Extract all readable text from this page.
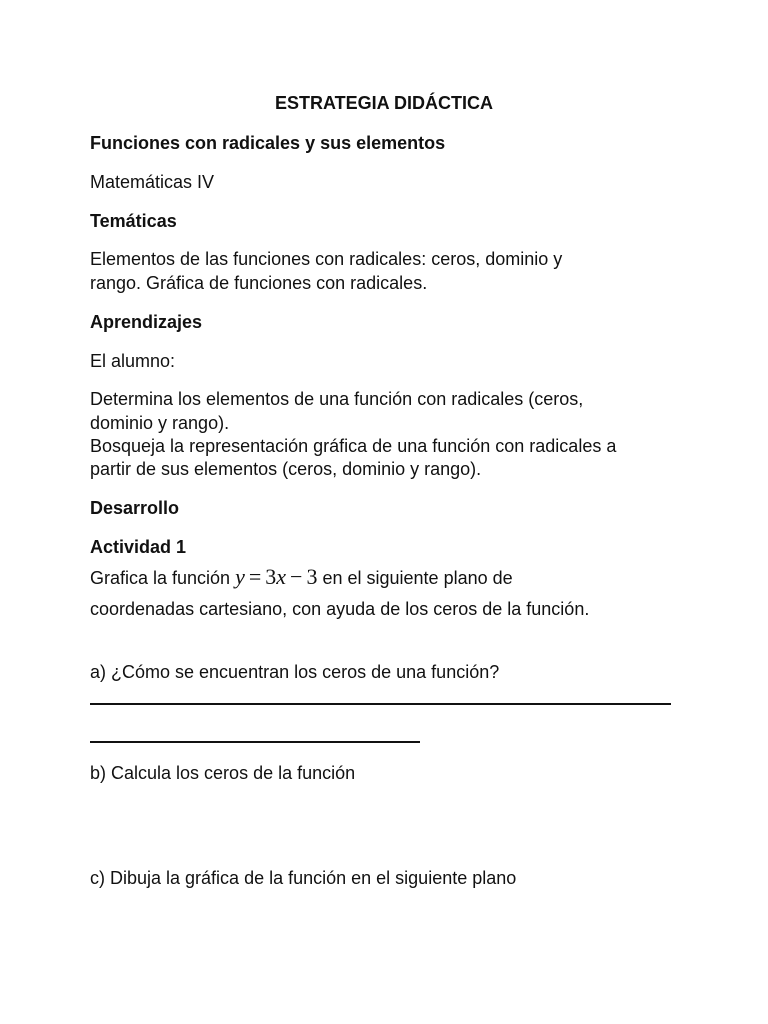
ESTRATEGIA DIDÁCTICA
Funciones con radicales y sus elementos
Matemáticas IV
Temáticas
Elementos de las funciones con radicales: ceros, dominio y
rango. Gráfica de funciones con radicales.
Aprendizajes
El alumno:
Determina los elementos de una función con radicales (ceros,
dominio y rango).
Bosqueja la representación gráfica de una función con radicales a
partir de sus elementos (ceros, dominio y rango).
Desarrollo
Actividad 1
Grafica la función y = 3x − 3 en el siguiente plano de
coordenadas cartesiano, con ayuda de los ceros de la función.
a) ¿Cómo se encuentran los ceros de una función?
b) Calcula los ceros de la función
c) Dibuja la gráfica de la función en el siguiente plano
